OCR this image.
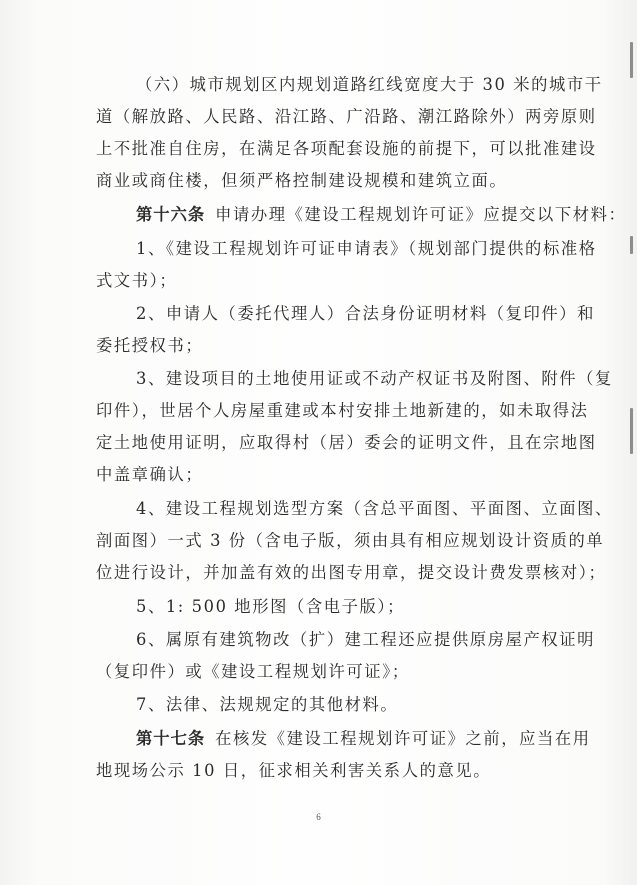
（六）城市规划区内规划道路红线宽度大于 30 米的城市干
道（解放路、人民路、沿江路、广沿路、潮江路除外）两旁原则
上不批准自住房，在满足各项配套设施的前提下，可以批准建设
商业或商住楼，但须严格控制建设规模和建筑立面。
第十六条 申请办理《建设工程规划许可证》应提交以下材料：
1、《建设工程规划许可证申请表》（规划部门提供的标准格
式文书）；
2、申请人（委托代理人）合法身份证明材料（复印件）和
委托授权书；
3、建设项目的土地使用证或不动产权证书及附图、附件（复
印件），世居个人房屋重建或本村安排土地新建的，如未取得法
定土地使用证明，应取得村（居）委会的证明文件，且在宗地图
中盖章确认；
4、建设工程规划选型方案（含总平面图、平面图、立面图、
剖面图）一式 3 份（含电子版，须由具有相应规划设计资质的单
位进行设计，并加盖有效的出图专用章，提交设计费发票核对）；
5、1: 500 地形图（含电子版）；
6、属原有建筑物改（扩）建工程还应提供原房屋产权证明
（复印件）或《建设工程规划许可证》；
7、法律、法规规定的其他材料。
第十七条 在核发《建设工程规划许可证》之前，应当在用
地现场公示 10 日，征求相关利害关系人的意见。
6
